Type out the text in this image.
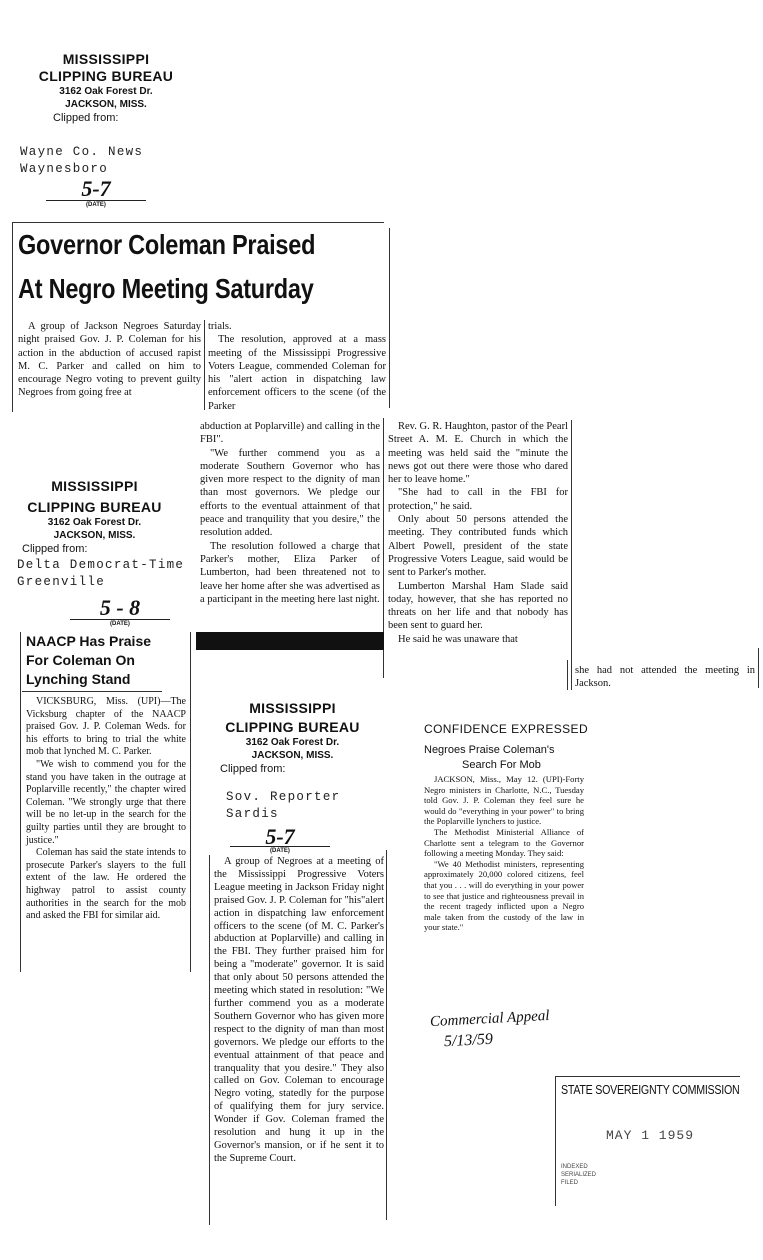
MISSISSIPPI
CLIPPING BUREAU
3162 Oak Forest Dr.
JACKSON, MISS.
Clipped from:
Wayne Co. News
Waynesboro
5-7
(DATE)
Governor Coleman Praised
At Negro Meeting Saturday

A group of Jackson Negroes Saturday night praised Gov. J. P. Coleman for his action in the abduction of accused rapist M. C. Parker and called on him to encourage Negro voting to prevent guilty Negroes from going free at

trials.

The resolution, approved at a mass meeting of the Mississippi Progressive Voters League, commended Coleman for his "alert action in dispatching law enforcement officers to the scene (of the Parker

abduction at Poplarville) and calling in the FBI".

"We further commend you as a moderate Southern Governor who has given more respect to the dignity of man than most governors. We pledge our efforts to the eventual attainment of that peace and tranquility that you desire," the resolution added.

The resolution followed a charge that Parker's mother, Eliza Parker of Lumberton, had been threatened not to leave her home after she was advertised as a participant in the meeting here last night.

Rev. G. R. Haughton, pastor of the Pearl Street A. M. E. Church in which the meeting was held said the "minute the news got out there were those who dared her to leave home."

"She had to call in the FBI for protection," he said.

Only about 50 persons attended the meeting. They contributed funds which Albert Powell, president of the state Progressive Voters League, said would be sent to Parker's mother.

Lumberton Marshal Ham Slade said today, however, that she has reported no threats on her life and that nobody has been sent to guard her.

He said he was unaware that

she had not attended the meeting in Jackson.

MISSISSIPPI
CLIPPING BUREAU
3162 Oak Forest Dr.
JACKSON, MISS.
Clipped from:
Delta Democrat-Time
Greenville
5 - 8
(DATE)
NAACP Has Praise
For Coleman On
Lynching Stand

VICKSBURG, Miss. (UPI)—The Vicksburg chapter of the NAACP praised Gov. J. P. Coleman Weds. for his efforts to bring to trial the white mob that lynched M. C. Parker.

"We wish to commend you for the stand you have taken in the outrage at Poplarville recently," the chapter wired Coleman. "We strongly urge that there will be no let-up in the search for the guilty parties until they are brought to justice."

Coleman has said the state intends to prosecute Parker's slayers to the full extent of the law. He ordered the highway patrol to assist county authorities in the search for the mob and asked the FBI for similar aid.

MISSISSIPPI
CLIPPING BUREAU
3162 Oak Forest Dr.
JACKSON, MISS.
Clipped from:
Sov. Reporter
Sardis
5-7
(DATE)

A group of Negroes at a meeting of the Mississippi Progressive Voters League meeting in Jackson Friday night praised Gov. J. P. Coleman for "his"alert action in dispatching law enforcement officers to the scene (of M. C. Parker's abduction at Poplarville) and calling in the FBI. They further praised him for being a "moderate" governor. It is said that only about 50 persons attended the meeting which stated in resolution: "We further commend you as a moderate Southern Governor who has given more respect to the dignity of man than most governors. We pledge our efforts to the eventual attainment of that peace and tranquality that you desire." They also called on Gov. Coleman to encourage Negro voting, statedly for the purpose of qualifying them for jury service. Wonder if Gov. Coleman framed the resolution and hung it up in the Governor's mansion, or if he sent it to the Supreme Court.

CONFIDENCE EXPRESSED
Negroes Praise Coleman's
Search For Mob

JACKSON, Miss., May 12. (UPI)-Forty Negro ministers in Charlotte, N.C., Tuesday told Gov. J. P. Coleman they feel sure he would do "everything in your power" to bring the Poplarville lynchers to justice.

The Methodist Ministerial Alliance of Charlotte sent a telegram to the Governor following a meeting Monday. They said:

"We 40 Methodist ministers, representing approximately 20,000 colored citizens, feel that you . . . will do everything in your power to see that justice and righteousness prevail in the recent tragedy inflicted upon a Negro male taken from the custody of the law in your state."

Commercial Appeal
5/13/59
STATE SOVEREIGNTY COMMISSION
MAY 1 1959
INDEXED
SERIALIZED
FILED
